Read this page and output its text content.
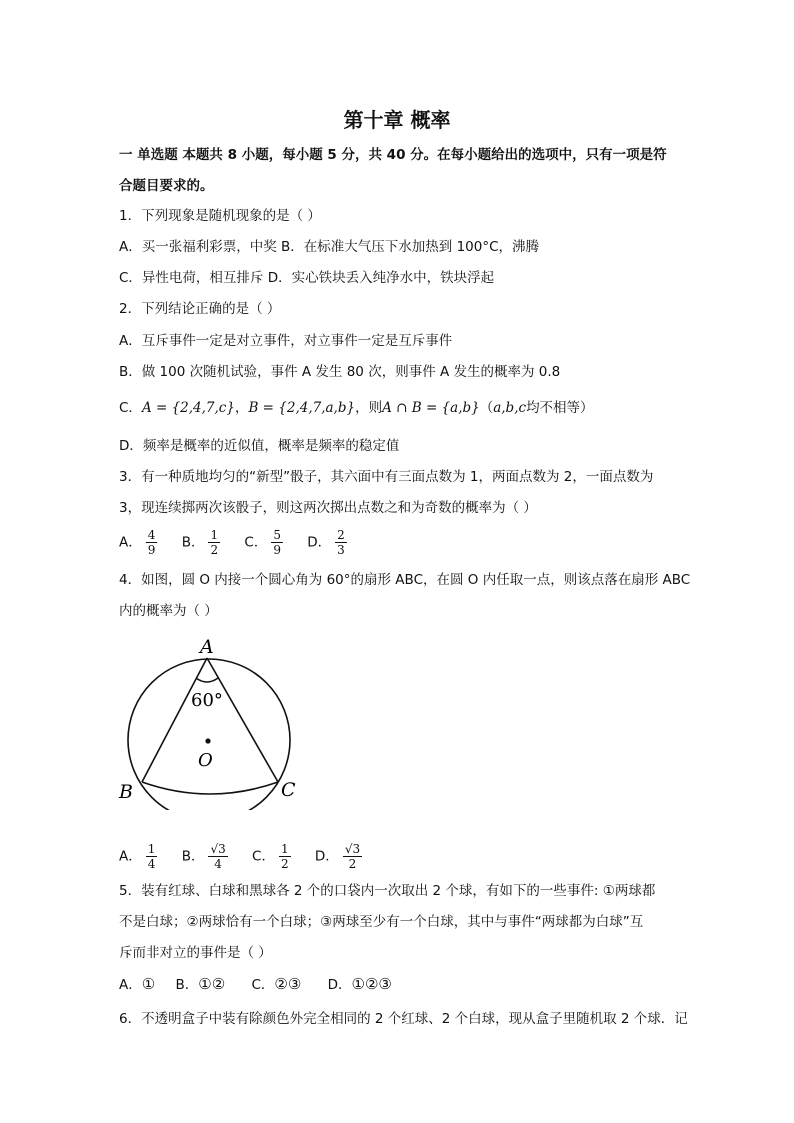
第十章 概率
一 单选题 本题共 8 小题，每小题 5 分，共 40 分。在每小题给出的选项中，只有一项是符
合题目要求的。
1．下列现象是随机现象的是（ ）
A．买一张福利彩票，中奖 B．在标准大气压下水加热到 100°C，沸腾
C．异性电荷，相互排斥 D．实心铁块丢入纯净水中，铁块浮起
2．下列结论正确的是（ ）
A．互斥事件一定是对立事件，对立事件一定是互斥事件
B．做 100 次随机试验，事件 A 发生 80 次，则事件 A 发生的概率为 0.8
C．A = {2,4,7,c}，B = {2,4,7,a,b}，则A ∩ B = {a,b}（a,b,c均不相等）
D．频率是概率的近似值，概率是频率的稳定值
3．有一种质地均匀的“新型”骰子，其六面中有三面点数为 1，两面点数为 2，一面点数为
3，现连续掷两次该骰子，则这两次掷出点数之和为奇数的概率为（ ）
A． $\frac{4}{9}$ B． $\frac{1}{2}$ C． $\frac{5}{9}$ D． $\frac{2}{3}$
4．如图，圆 O 内接一个圆心角为 60°的扇形 ABC，在圆 O 内任取一点，则该点落在扇形 ABC
内的概率为（ ）
A
B	C
O
60°
A． $\frac{1}{4}$ B． $\frac{√3}{4}$ C． $\frac{1}{2}$ D． $\frac{√3}{2}$
5．装有红球、白球和黑球各 2 个的口袋内一次取出 2 个球，有如下的一些事件: ①两球都
不是白球；②两球恰有一个白球；③两球至少有一个白球，其中与事件“两球都为白球”互
斥而非对立的事件是（ ）
A．① B．①② C．②③ D．①②③
6．不透明盒子中装有除颜色外完全相同的 2 个红球、2 个白球，现从盒子里随机取 2 个球．记
